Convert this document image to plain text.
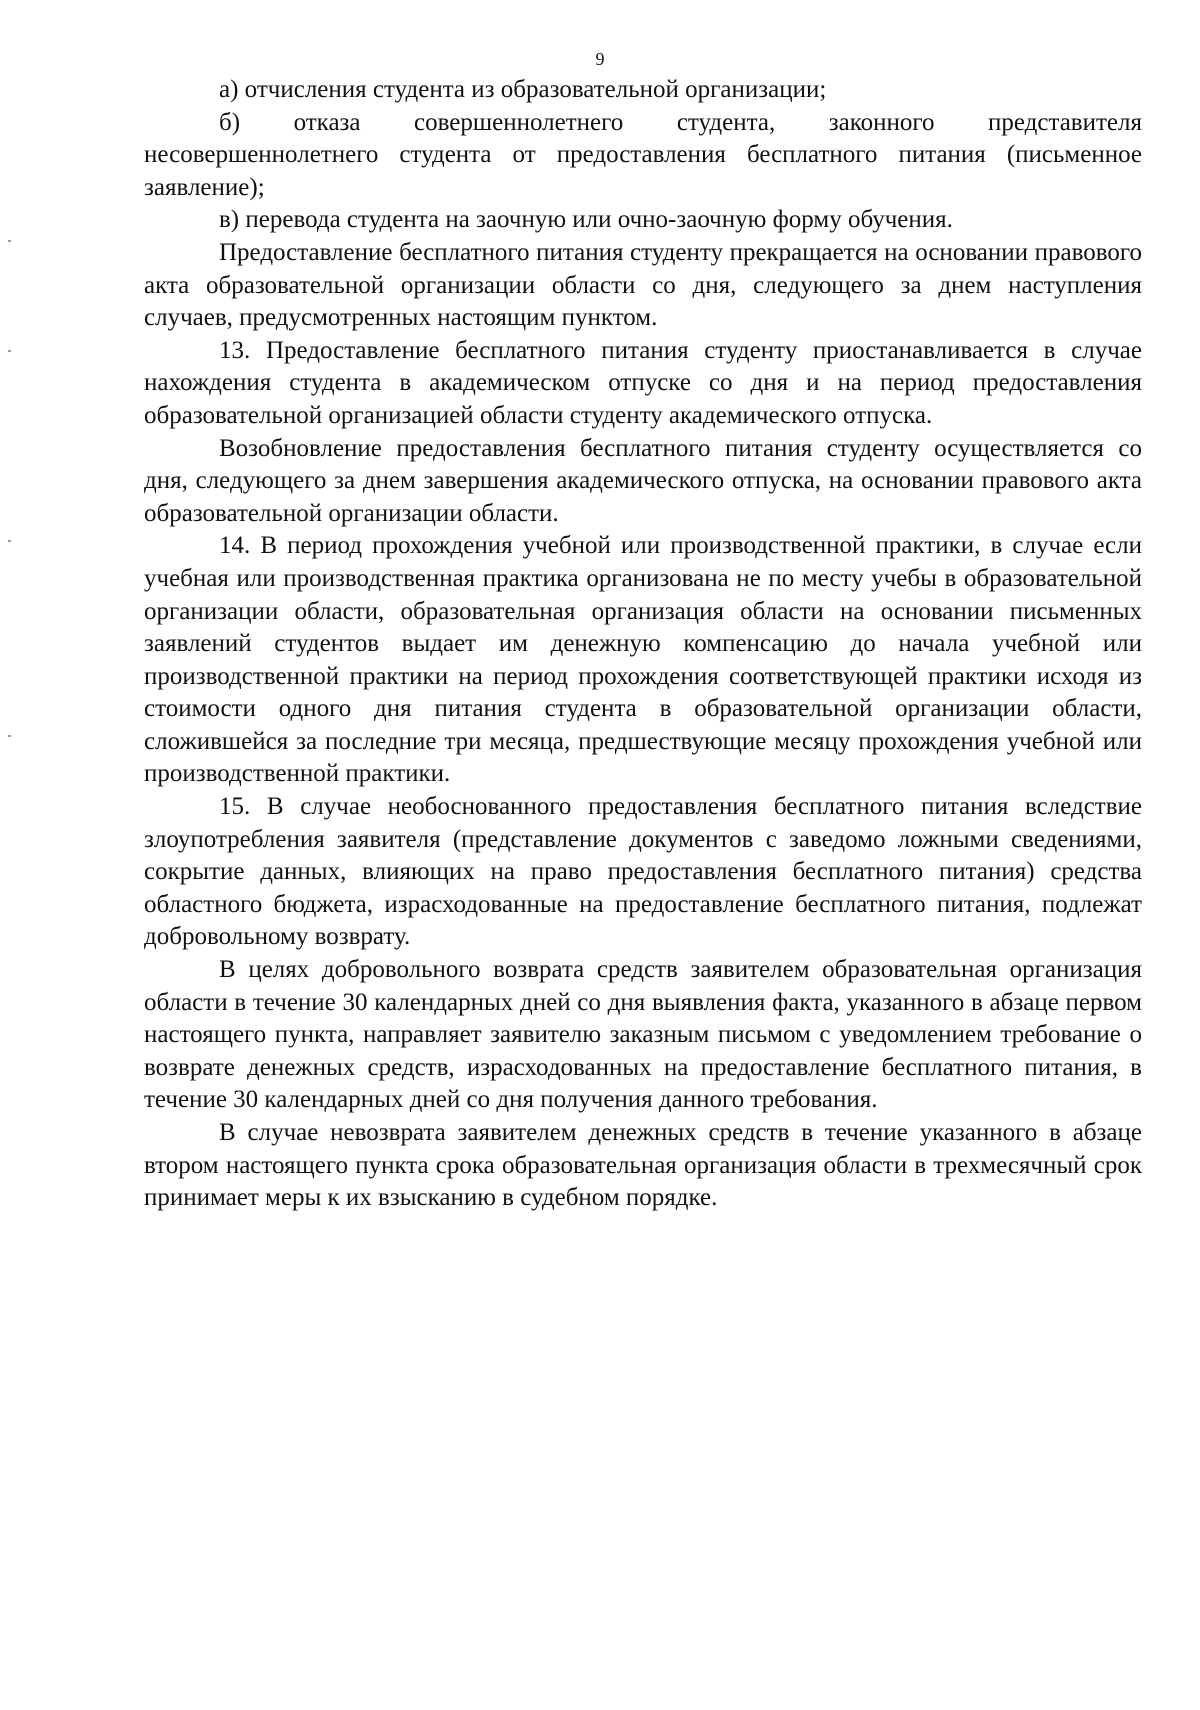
9

а) отчисления студента из образовательной организации;

б) отказа совершеннолетнего студента, законного представителя несовершеннолетнего студента от предоставления бесплатного питания (письменное заявление);

в) перевода студента на заочную или очно-заочную форму обучения.

Предоставление бесплатного питания студенту прекращается на основании правового акта образовательной организации области со дня, следующего за днем наступления случаев, предусмотренных настоящим пунктом.

13. Предоставление бесплатного питания студенту приостанавливается в случае нахождения студента в академическом отпуске со дня и на период предоставления образовательной организацией области студенту академического отпуска.

Возобновление предоставления бесплатного питания студенту осуществляется со дня, следующего за днем завершения академического отпуска, на основании правового акта образовательной организации области.

14. В период прохождения учебной или производственной практики, в случае если учебная или производственная практика организована не по месту учебы в образовательной организации области, образовательная организация области на основании письменных заявлений студентов выдает им денежную компенсацию до начала учебной или производственной практики на период прохождения соответствующей практики исходя из стоимости одного дня питания студента в образовательной организации области, сложившейся за последние три месяца, предшествующие месяцу прохождения учебной или производственной практики.

15. В случае необоснованного предоставления бесплатного питания вследствие злоупотребления заявителя (представление документов с заведомо ложными сведениями, сокрытие данных, влияющих на право предоставления бесплатного питания) средства областного бюджета, израсходованные на предоставление бесплатного питания, подлежат добровольному возврату.

В целях добровольного возврата средств заявителем образовательная организация области в течение 30 календарных дней со дня выявления факта, указанного в абзаце первом настоящего пункта, направляет заявителю заказным письмом с уведомлением требование о возврате денежных средств, израсходованных на предоставление бесплатного питания, в течение 30 календарных дней со дня получения данного требования.

В случае невозврата заявителем денежных средств в течение указанного в абзаце втором настоящего пункта срока образовательная организация области в трехмесячный срок принимает меры к их взысканию в судебном порядке.
